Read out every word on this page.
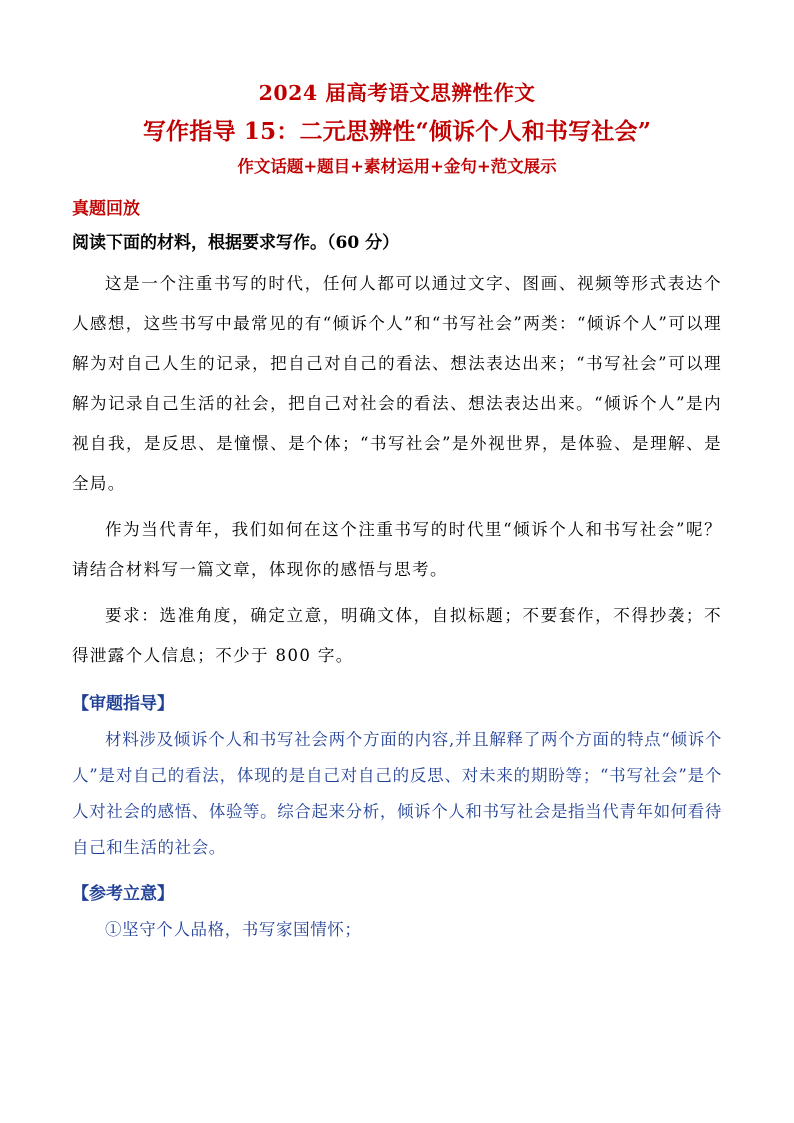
2024 届高考语文思辨性作文
写作指导 15：二元思辨性“倾诉个人和书写社会”
作文话题+题目+素材运用+金句+范文展示
真题回放
阅读下面的材料，根据要求写作。（60 分）

这是一个注重书写的时代，任何人都可以通过文字、图画、视频等形式表达个人感想，这些书写中最常见的有“倾诉个人”和“书写社会”两类：“倾诉个人”可以理解为对自己人生的记录，把自己对自己的看法、想法表达出来；“书写社会”可以理解为记录自己生活的社会，把自己对社会的看法、想法表达出来。“倾诉个人”是内视自我，是反思、是憧憬、是个体；“书写社会”是外视世界，是体验、是理解、是全局。

作为当代青年，我们如何在这个注重书写的时代里“倾诉个人和书写社会”呢？请结合材料写一篇文章，体现你的感悟与思考。

要求：选准角度，确定立意，明确文体，自拟标题；不要套作，不得抄袭；不得泄露个人信息；不少于 800 字。

【审题指导】

材料涉及倾诉个人和书写社会两个方面的内容,并且解释了两个方面的特点“倾诉个人”是对自己的看法，体现的是自己对自己的反思、对未来的期盼等；“书写社会”是个人对社会的感悟、体验等。综合起来分析，倾诉个人和书写社会是指当代青年如何看待自己和生活的社会。

【参考立意】

①坚守个人品格，书写家国情怀；
